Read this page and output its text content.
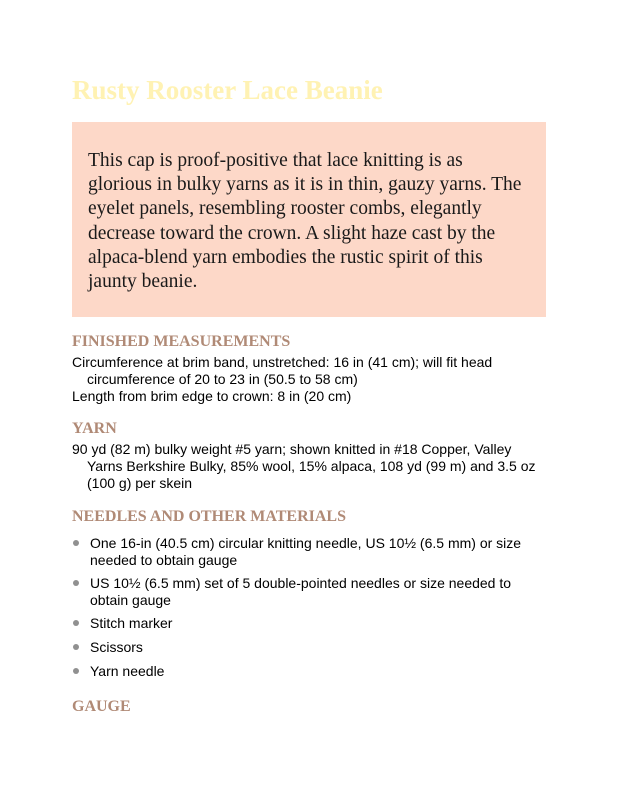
Rusty Rooster Lace Beanie

This cap is proof-positive that lace knitting is as glorious in bulky yarns as it is in thin, gauzy yarns. The eyelet panels, resembling rooster combs, elegantly decrease toward the crown. A slight haze cast by the alpaca-blend yarn embodies the rustic spirit of this jaunty beanie.

FINISHED MEASUREMENTS

Circumference at brim band, unstretched: 16 in (41 cm); will fit head circumference of 20 to 23 in (50.5 to 58 cm)

Length from brim edge to crown: 8 in (20 cm)

YARN

90 yd (82 m) bulky weight #5 yarn; shown knitted in #18 Copper, Valley Yarns Berkshire Bulky, 85% wool, 15% alpaca, 108 yd (99 m) and 3.5 oz (100 g) per skein

NEEDLES AND OTHER MATERIALS
One 16-in (40.5 cm) circular knitting needle, US 10½ (6.5 mm) or size needed to obtain gauge
US 10½ (6.5 mm) set of 5 double-pointed needles or size needed to obtain gauge
Stitch marker
Scissors
Yarn needle
GAUGE
